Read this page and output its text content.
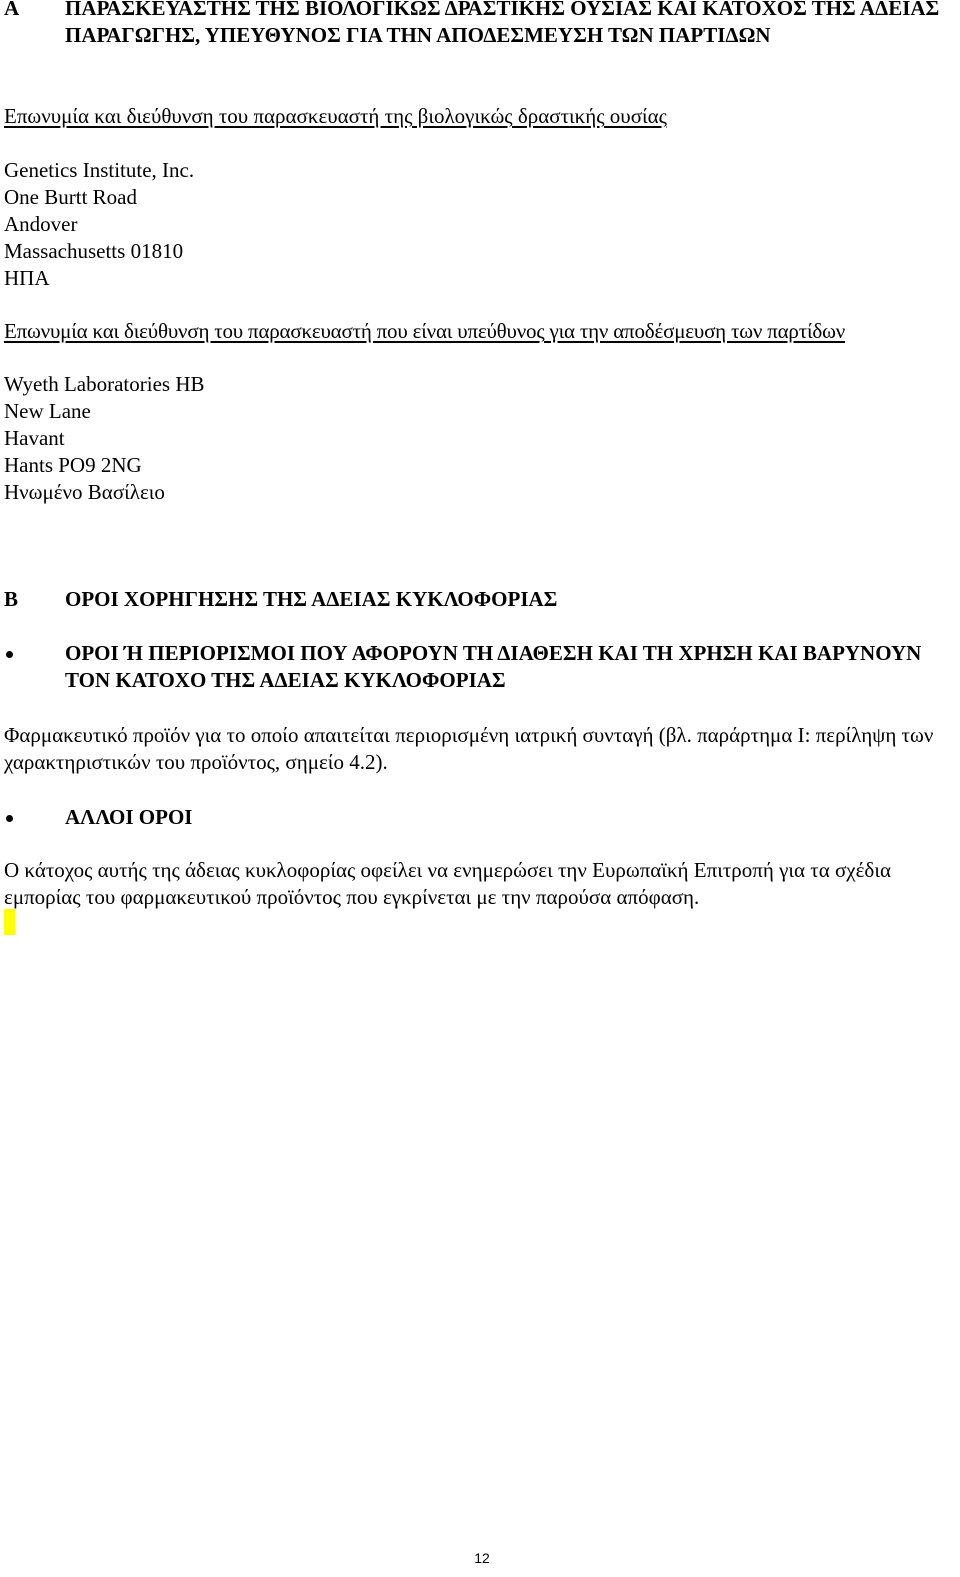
A ΠΑΡΑΣΚΕΥΑΣΤΗΣ ΤΗΣ ΒΙΟΛΟΓΙΚΩΣ ΔΡΑΣΤΙΚΗΣ ΟΥΣΙΑΣ ΚΑΙ ΚΑΤΟΧΟΣ ΤΗΣ ΑΔΕΙΑΣ ΠΑΡΑΓΩΓΗΣ, ΥΠΕΥΘΥΝΟΣ ΓΙΑ ΤΗΝ ΑΠΟΔΕΣΜΕΥΣΗ ΤΩΝ ΠΑΡΤΙΔΩΝ
Επωνυμία και διεύθυνση του παρασκευαστή της βιολογικώς δραστικής ουσίας
Genetics Institute, Inc.
One Burtt Road
Andover
Massachusetts 01810
ΗΠΑ
Επωνυμία και διεύθυνση του παρασκευαστή που είναι υπεύθυνος για την αποδέσμευση των παρτίδων
Wyeth Laboratories HB
New Lane
Havant
Hants PO9 2NG
Ηνωμένο Βασίλειο
B ΟΡΟΙ ΧΟΡΗΓΗΣΗΣ ΤΗΣ ΑΔΕΙΑΣ ΚΥΚΛΟΦΟΡΙΑΣ
ΟΡΟΙ Ή ΠΕΡΙΟΡΙΣΜΟΙ ΠΟΥ ΑΦΟΡΟΥΝ ΤΗ ΔΙΑΘΕΣΗ ΚΑΙ ΤΗ ΧΡΗΣΗ ΚΑΙ ΒΑΡΥΝΟΥΝ ΤΟΝ ΚΑΤΟΧΟ ΤΗΣ ΑΔΕΙΑΣ ΚΥΚΛΟΦΟΡΙΑΣ
Φαρμακευτικό προϊόν για το οποίο απαιτείται περιορισμένη ιατρική συνταγή (βλ. παράρτημα Ι: περίληψη των χαρακτηριστικών του προϊόντος, σημείο 4.2).
ΑΛΛΟΙ ΟΡΟΙ
Ο κάτοχος αυτής της άδειας κυκλοφορίας οφείλει να ενημερώσει την Ευρωπαϊκή Επιτροπή για τα σχέδια εμπορίας του φαρμακευτικού προϊόντος που εγκρίνεται με την παρούσα απόφαση.
12
